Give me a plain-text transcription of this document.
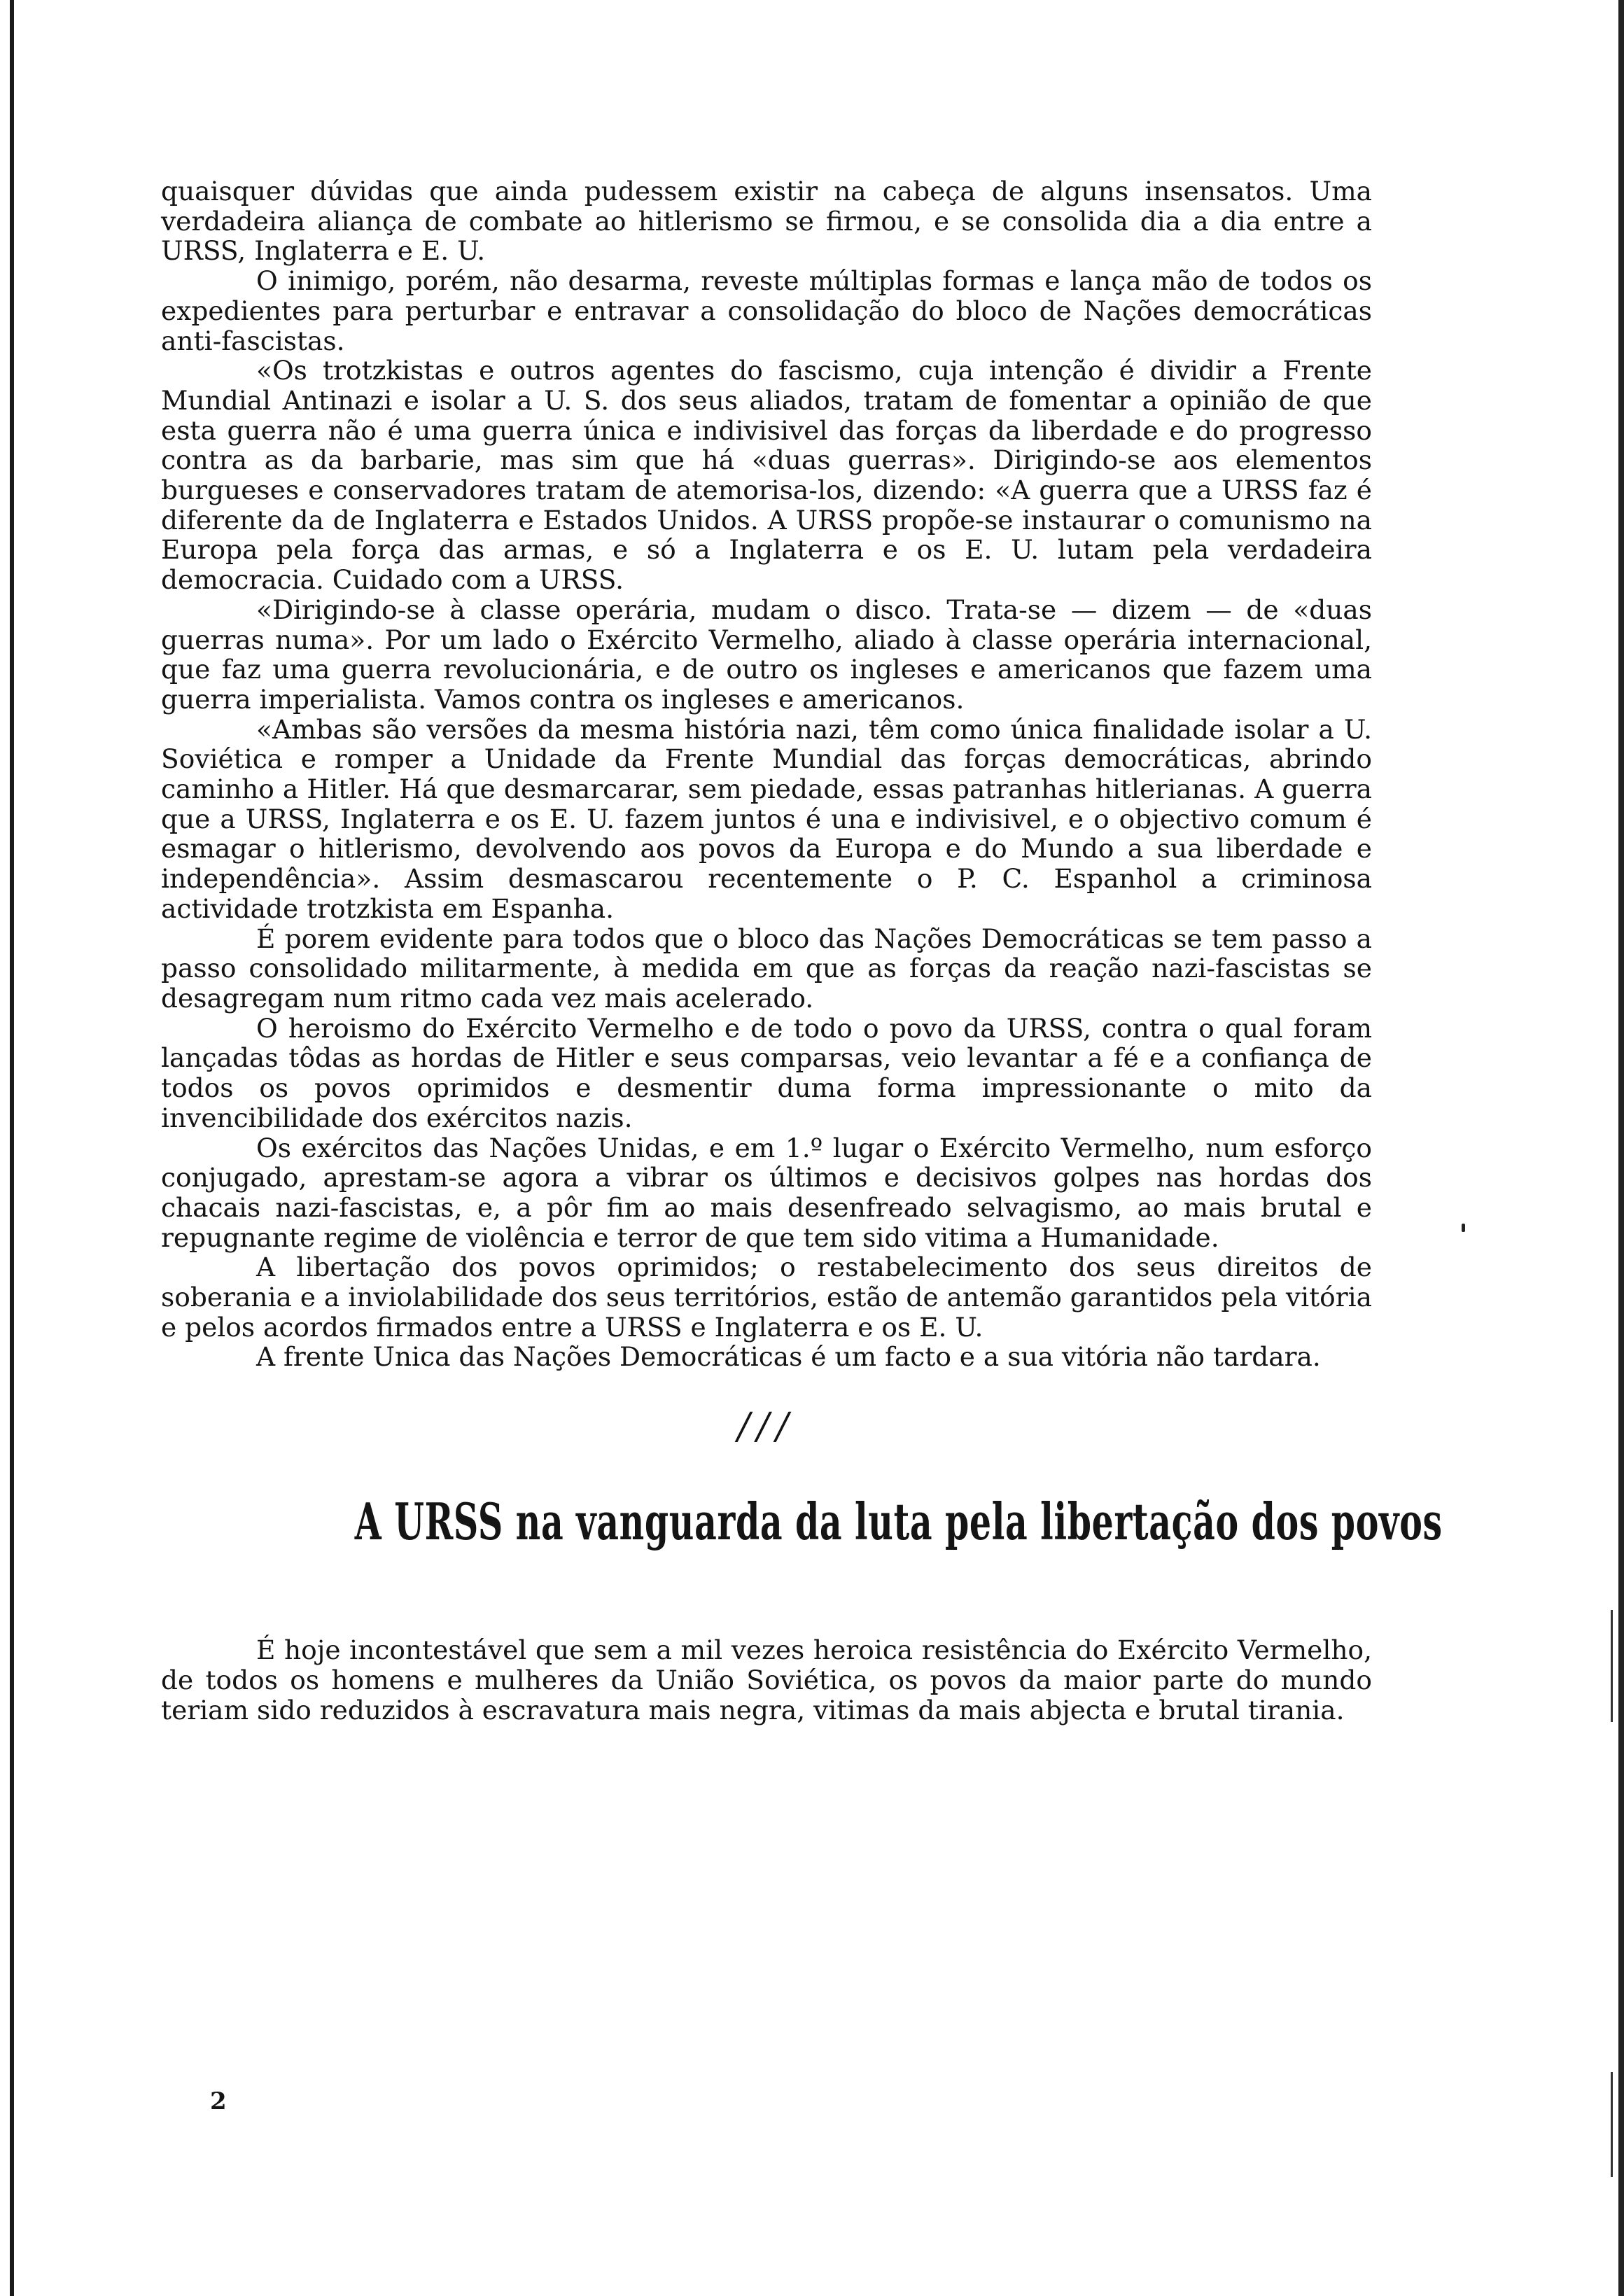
quaisquer dúvidas que ainda pudessem existir na cabeça de alguns insensatos. Uma verdadeira aliança de combate ao hitlerismo se firmou, e se consolida dia a dia entre a URSS, Inglaterra e E. U.

O inimigo, porém, não desarma, reveste múltiplas formas e lança mão de todos os expedientes para perturbar e entravar a consolidação do bloco de Nações democráticas anti-fascistas.

«Os trotzkistas e outros agentes do fascismo, cuja intenção é dividir a Frente Mundial Antinazi e isolar a U. S. dos seus aliados, tratam de fomentar a opinião de que esta guerra não é uma guerra única e indivisivel das forças da liberdade e do progresso contra as da barbarie, mas sim que há «duas guerras». Dirigindo-se aos elementos burgueses e conservadores tratam de atemorisa-los, dizendo: «A guerra que a URSS faz é diferente da de Inglaterra e Estados Unidos. A URSS propõe-se instaurar o comunismo na Europa pela força das armas, e só a Inglaterra e os E. U. lutam pela verdadeira democracia. Cuidado com a URSS.

«Dirigindo-se à classe operária, mudam o disco. Trata-se — dizem — de «duas guerras numa». Por um lado o Exército Vermelho, aliado à classe operária internacional, que faz uma guerra revolucionária, e de outro os ingleses e americanos que fazem uma guerra imperialista. Vamos contra os ingleses e americanos.

«Ambas são versões da mesma história nazi, têm como única finalidade isolar a U. Soviética e romper a Unidade da Frente Mundial das forças democráticas, abrindo caminho a Hitler. Há que desmarcarar, sem piedade, essas patranhas hitlerianas. A guerra que a URSS, Inglaterra e os E. U. fazem juntos é una e indivisivel, e o objectivo comum é esmagar o hitlerismo, devolvendo aos povos da Europa e do Mundo a sua liberdade e independência». Assim desmascarou recentemente o P. C. Espanhol a criminosa actividade trotzkista em Espanha.

É porem evidente para todos que o bloco das Nações Democráticas se tem passo a passo consolidado militarmente, à medida em que as forças da reação nazi-fascistas se desagregam num ritmo cada vez mais acelerado.

O heroismo do Exército Vermelho e de todo o povo da URSS, contra o qual foram lançadas tôdas as hordas de Hitler e seus comparsas, veio levantar a fé e a confiança de todos os povos oprimidos e desmentir duma forma impressionante o mito da invencibilidade dos exércitos nazis.

Os exércitos das Nações Unidas, e em 1.º lugar o Exército Vermelho, num esforço conjugado, aprestam-se agora a vibrar os últimos e decisivos golpes nas hordas dos chacais nazi-fascistas, e, a pôr fim ao mais desenfreado selvagismo, ao mais brutal e repugnante regime de violência e terror de que tem sido vitima a Humanidade.

A libertação dos povos oprimidos; o restabelecimento dos seus direitos de soberania e a inviolabilidade dos seus territórios, estão de antemão garantidos pela vitória e pelos acordos firmados entre a URSS e Inglaterra e os E. U.

A frente Unica das Nações Democráticas é um facto e a sua vitória não tardara.

///
A URSS na vanguarda da luta pela libertação dos povos

É hoje incontestável que sem a mil vezes heroica resistência do Exército Vermelho, de todos os homens e mulheres da União Soviética, os povos da maior parte do mundo teriam sido reduzidos à escravatura mais negra, vitimas da mais abjecta e brutal tirania.

2
